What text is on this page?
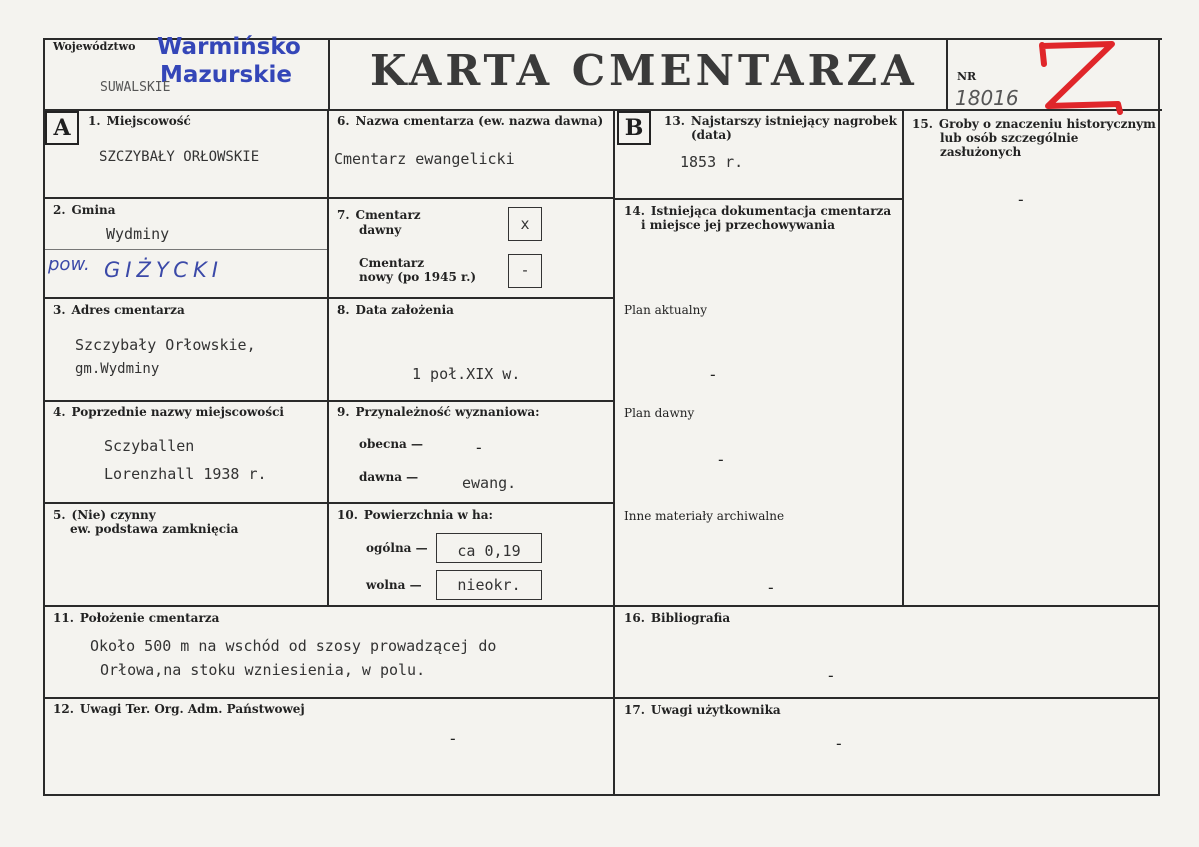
Województwo Warmińsko
Mazurskie
SUWALSKIE	KARTA CMENTARZA	NR
18016
A	B
1. Miejscowość
SZCZYBAŁY ORŁOWSKIE
2. Gmina
Wydminy
pow. GIŻYCKI
3. Adres cmentarza
Szczybały Orłowskie,
gm.Wydminy
4. Poprzednie nazwy miejscowości
Sczyballen
Lorenzhall 1938 r.
5. (Nie) czynny
ew. podstawa zamknięcia
6. Nazwa cmentarza (ew. nazwa dawna)
Cmentarz ewangelicki
7. Cmentarz
dawny	x
Cmentarz
nowy (po 1945 r.)	-
8. Data założenia
1 poł.XIX w.
9. Przynależność wyznaniowa:
obecna —	-
dawna —	ewang.
10. Powierzchnia w ha:
ogólna —	ca 0,19
wolna —	nieokr.
11. Położenie cmentarza
Około 500 m na wschód od szosy prowadzącej do
Orłowa,na stoku wzniesienia, w polu.
12. Uwagi Ter. Org. Adm. Państwowej
-
13. Najstarszy istniejący nagrobek
(data)
1853 r.
14. Istniejąca dokumentacja cmentarza
i miejsce jej przechowywania
Plan aktualny
-
Plan dawny
-
Inne materiały archiwalne
-
15. Groby o znaczeniu historycznym
lub osób szczególnie
zasłużonych
-
16. Bibliografia
-
17. Uwagi użytkownika
-
